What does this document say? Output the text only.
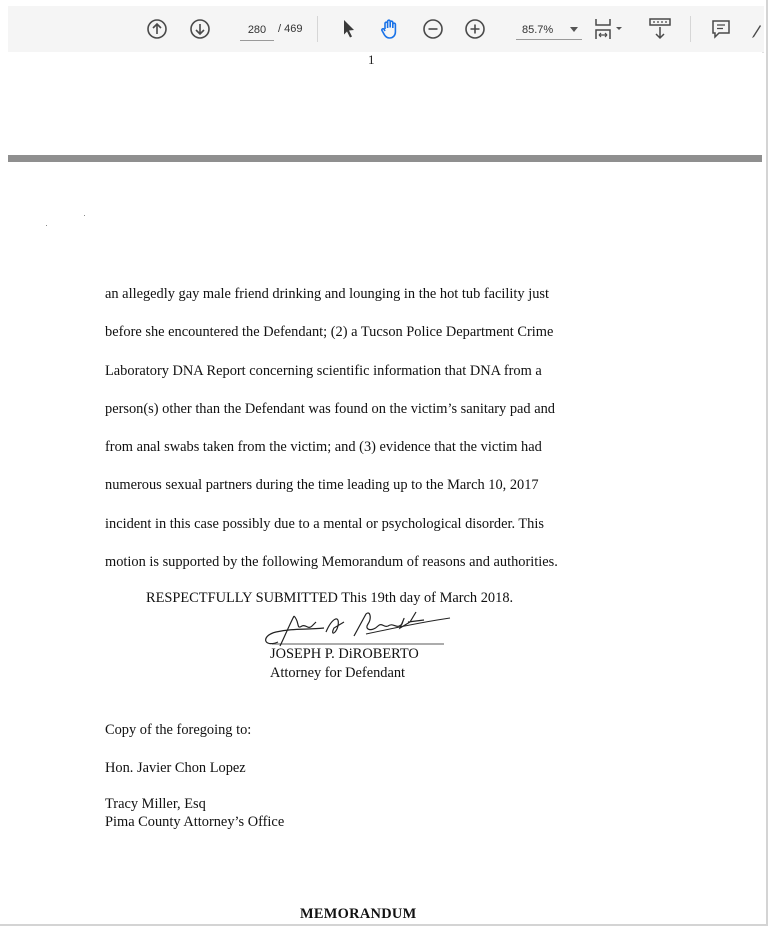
280
/ 469	85.7%
1
an allegedly gay male friend drinking and lounging in the hot tub facility just
before she encountered the Defendant; (2) a Tucson Police Department Crime
Laboratory DNA Report concerning scientific information that DNA from a
person(s) other than the Defendant was found on the victim’s sanitary pad and
from anal swabs taken from the victim; and (3) evidence that the victim had
numerous sexual partners during the time leading up to the March 10, 2017
incident in this case possibly due to a mental or psychological disorder. This
motion is supported by the following Memorandum of reasons and authorities.
RESPECTFULLY SUBMITTED This 19th day of March 2018.
JOSEPH P. DiROBERTO
Attorney for Defendant
Copy of the foregoing to:
Hon. Javier Chon Lopez
Tracy Miller, Esq
Pima County Attorney’s Office
MEMORANDUM
